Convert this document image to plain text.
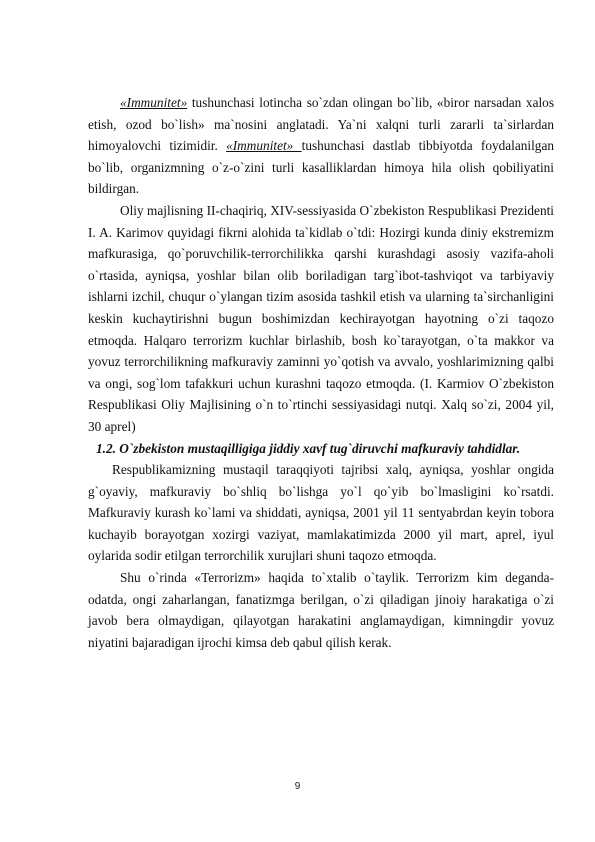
«Immunitet» tushunchasi lotincha so`zdan olingan bo`lib, «biror narsadan xalos etish, ozod bo`lish» ma`nosini anglatadi. Ya`ni xalqni turli zararli ta`sirlardan himoyalovchi tizimidir. «Immunitet» tushunchasi dastlab tibbiyotda foydalanilgan bo`lib, organizmning o`z-o`zini turli kasalliklardan himoya hila olish qobiliyatini bildirgan.

Oliy majlisning II-chaqiriq, XIV-sessiyasida O`zbekiston Respublikasi Prezidenti I. A. Karimov quyidagi fikrni alohida ta`kidlab o`tdi: Hozirgi kunda diniy ekstremizm mafkurasiga, qo`poruvchilik-terrorchilikka qarshi kurashdagi asosiy vazifa-aholi o`rtasida, ayniqsa, yoshlar bilan olib boriladigan targ`ibot-tashviqot va tarbiyaviy ishlarni izchil, chuqur o`ylangan tizim asosida tashkil etish va ularning ta`sirchanligini keskin kuchaytirishni bugun boshimizdan kechirayotgan hayotning o`zi taqozo etmoqda. Halqaro terrorizm kuchlar birlashib, bosh ko`tarayotgan, o`ta makkor va yovuz terrorchilikning mafkuraviy zaminni yo`qotish va avvalo, yoshlarimizning qalbi va ongi, sog`lom tafakkuri uchun kurashni taqozo etmoqda. (I. Karmiov O`zbekiston Respublikasi Oliy Majlisining o`n to`rtinchi sessiyasidagi nutqi. Xalq so`zi, 2004 yil, 30 aprel)

1.2. O`zbekiston mustaqilligiga jiddiy xavf tug`diruvchi mafkuraviy tahdidlar.

Respublikamizning mustaqil taraqqiyoti tajribsi xalq, ayniqsa, yoshlar ongida g`oyaviy, mafkuraviy bo`shliq bo`lishga yo`l qo`yib bo`lmasligini ko`rsatdi. Mafkuraviy kurash ko`lami va shiddati, ayniqsa, 2001 yil 11 sentyabrdan keyin tobora kuchayib borayotgan xozirgi vaziyat, mamlakatimizda 2000 yil mart, aprel, iyul oylarida sodir etilgan terrorchilik xurujlari shuni taqozo etmoqda.

Shu o`rinda «Terrorizm» haqida to`xtalib o`taylik. Terrorizm kim deganda-odatda, ongi zaharlangan, fanatizmga berilgan, o`zi qiladigan jinoiy harakatiga o`zi javob bera olmaydigan, qilayotgan harakatini anglamaydigan, kimningdir yovuz niyatini bajaradigan ijrochi kimsa deb qabul qilish kerak.

9
